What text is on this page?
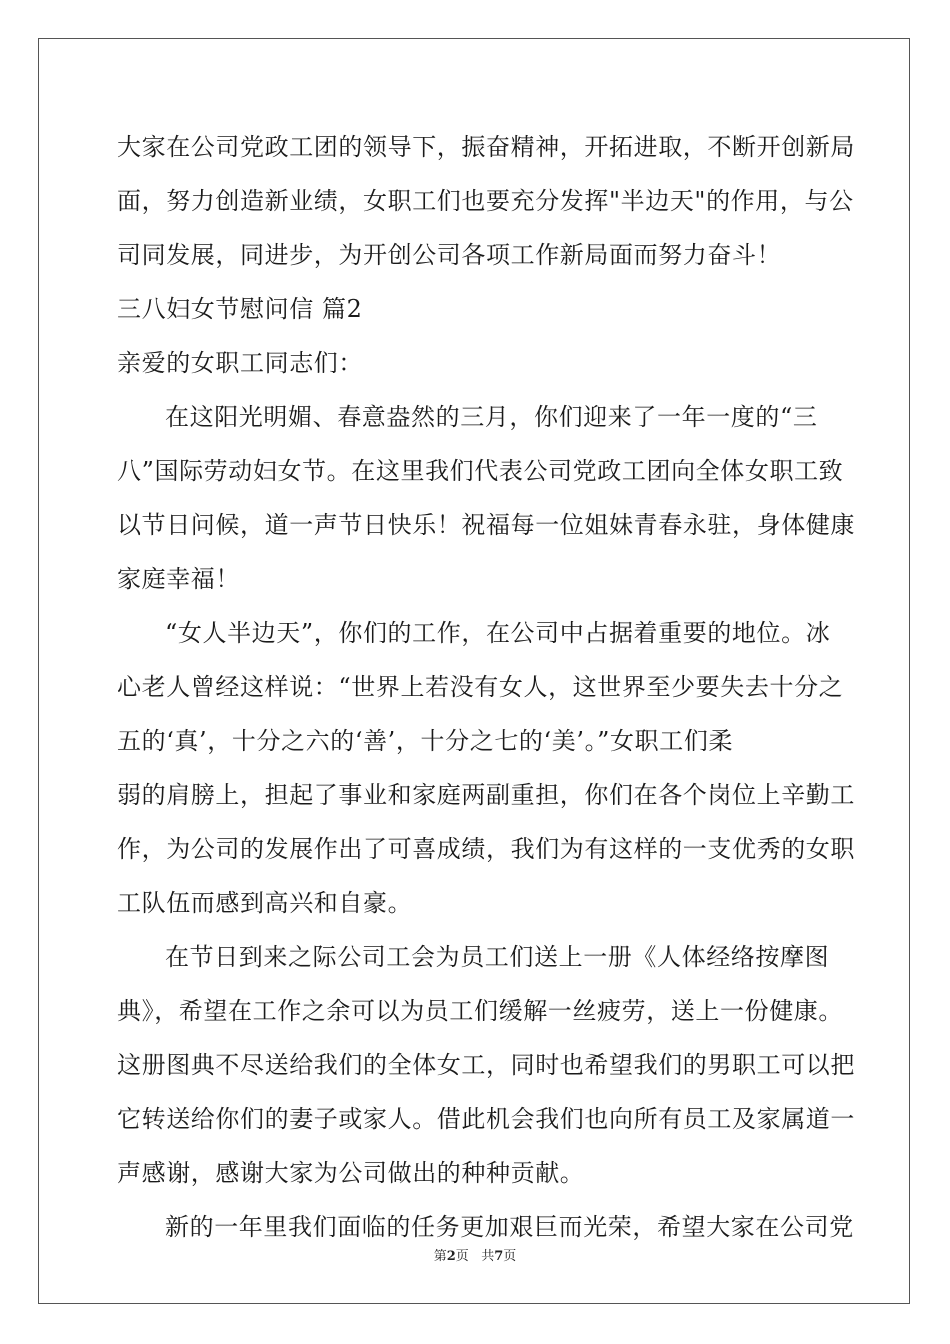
大家在公司党政工团的领导下，振奋精神，开拓进取，不断开创新局
面，努力创造新业绩，女职工们也要充分发挥"半边天"的作用，与公
司同发展，同进步，为开创公司各项工作新局面而努力奋斗！
三八妇女节慰问信 篇2
亲爱的女职工同志们：
在这阳光明媚、春意盎然的三月，你们迎来了一年一度的“三
八”国际劳动妇女节。在这里我们代表公司党政工团向全体女职工致
以节日问候，道一声节日快乐！祝福每一位姐妹青春永驻，身体健康
家庭幸福！
“女人半边天”，你们的工作，在公司中占据着重要的地位。冰
心老人曾经这样说：“世界上若没有女人，这世界至少要失去十分之
五的‘真’，十分之六的‘善’，十分之七的‘美’。”女职工们柔
弱的肩膀上，担起了事业和家庭两副重担，你们在各个岗位上辛勤工
作，为公司的发展作出了可喜成绩，我们为有这样的一支优秀的女职
工队伍而感到高兴和自豪。
在节日到来之际公司工会为员工们送上一册《人体经络按摩图
典》，希望在工作之余可以为员工们缓解一丝疲劳，送上一份健康。
这册图典不尽送给我们的全体女工，同时也希望我们的男职工可以把
它转送给你们的妻子或家人。借此机会我们也向所有员工及家属道一
声感谢，感谢大家为公司做出的种种贡献。
新的一年里我们面临的任务更加艰巨而光荣，希望大家在公司党
第2页 共7页
